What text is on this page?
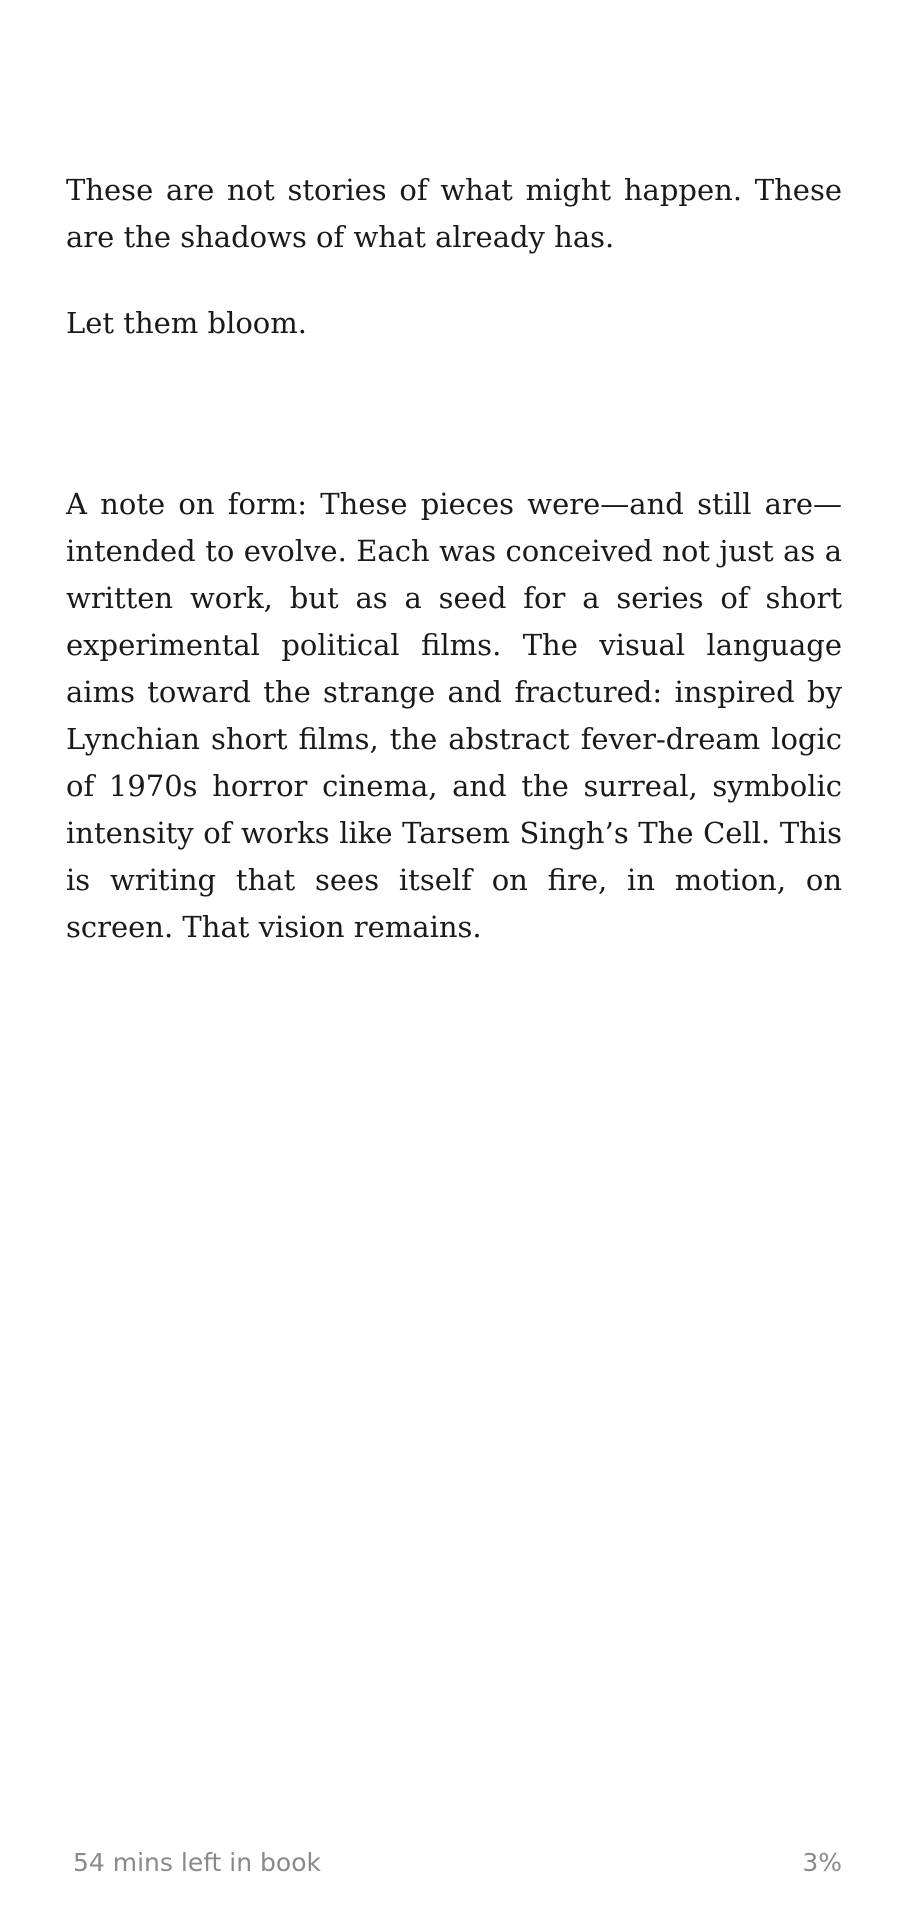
These are not stories of what might happen. These are the shadows of what already has.

Let them bloom.

A note on form: These pieces were—and still are—intended to evolve. Each was conceived not just as a written work, but as a seed for a series of short experimental political films. The visual language aims toward the strange and fractured: inspired by Lynchian short films, the abstract fever-dream logic of 1970s horror cinema, and the surreal, symbolic intensity of works like Tarsem Singh’s The Cell. This is writing that sees itself on fire, in motion, on screen. That vision remains.

54 mins left in book	3%
